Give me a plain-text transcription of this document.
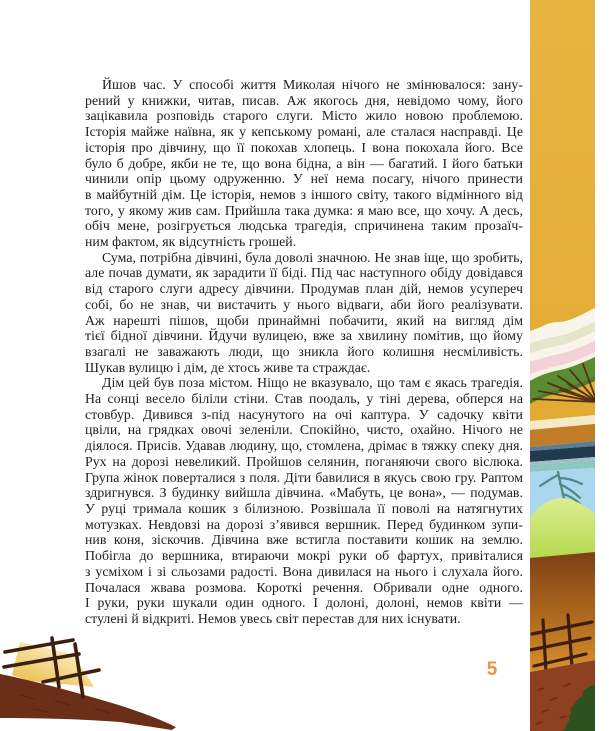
Йшов час. У способі життя Миколая нічого не змінювалося: зану-
рений у книжки, читав, писав. Аж якогось дня, невідомо чому, його
зацікавила розповідь старого слуги. Місто жило новою проблемою.
Історія майже наївна, як у кепському романі, але сталася насправді. Це
історія про дівчину, що її покохав хлопець. І вона покохала його. Все
було б добре, якби не те, що вона бідна, а він — багатий. І його батьки
чинили опір цьому одруженню. У неї нема посагу, нічого принести
в майбутній дім. Це історія, немов з іншого світу, такого відмінного від
того, у якому жив сам. Прийшла така думка: я маю все, що хочу. А десь,
обіч мене, розігрується людська трагедія, спричинена таким прозаїч-
ним фактом, як відсутність грошей.
Сума, потрібна дівчині, була доволі значною. Не знав іще, що зробить,
але почав думати, як зарадити її біді. Під час наступного обіду довідався
від старого слуги адресу дівчини. Продумав план дій, немов усупереч
собі, бо не знав, чи вистачить у нього відваги, аби його реалізувати.
Аж нарешті пішов, щоби принаймні побачити, який на вигляд дім
тієї бідної дівчини. Йдучи вулицею, вже за хвилину помітив, що йому
взагалі не заважають люди, що зникла його колишня несміливість.
Шукав вулицю і дім, де хтось живе та страждає.
Дім цей був поза містом. Ніщо не вказувало, що там є якась трагедія.
На сонці весело біліли стіни. Став поодаль, у тіні дерева, обперся на
стовбур. Дивився з-під насунутого на очі каптура. У садочку квіти
цвіли, на грядках овочі зеленіли. Спокійно, чисто, охайно. Нічого не
діялося. Присів. Удавав людину, що, стомлена, дрімає в тяжку спеку дня.
Рух на дорозі невеликий. Пройшов селянин, поганяючи свого віслюка.
Група жінок поверталися з поля. Діти бавилися в якусь свою гру. Раптом
здригнувся. З будинку вийшла дівчина. «Мабуть, це вона», — подумав.
У руці тримала кошик з білизною. Розвішала її поволі на натягнутих
мотузках. Невдовзі на дорозі з’явився вершник. Перед будинком зупи-
нив коня, зіскочив. Дівчина вже встигла поставити кошик на землю.
Побігла до вершника, втираючи мокрі руки об фартух, привіталися
з усміхом і зі сльозами радості. Вона дивилася на нього і слухала його.
Почалася жвава розмова. Короткі речення. Обривали одне одного.
І руки, руки шукали один одного. І долоні, долоні, немов квіти —
стулені й відкриті. Немов увесь світ перестав для них існувати.
5
